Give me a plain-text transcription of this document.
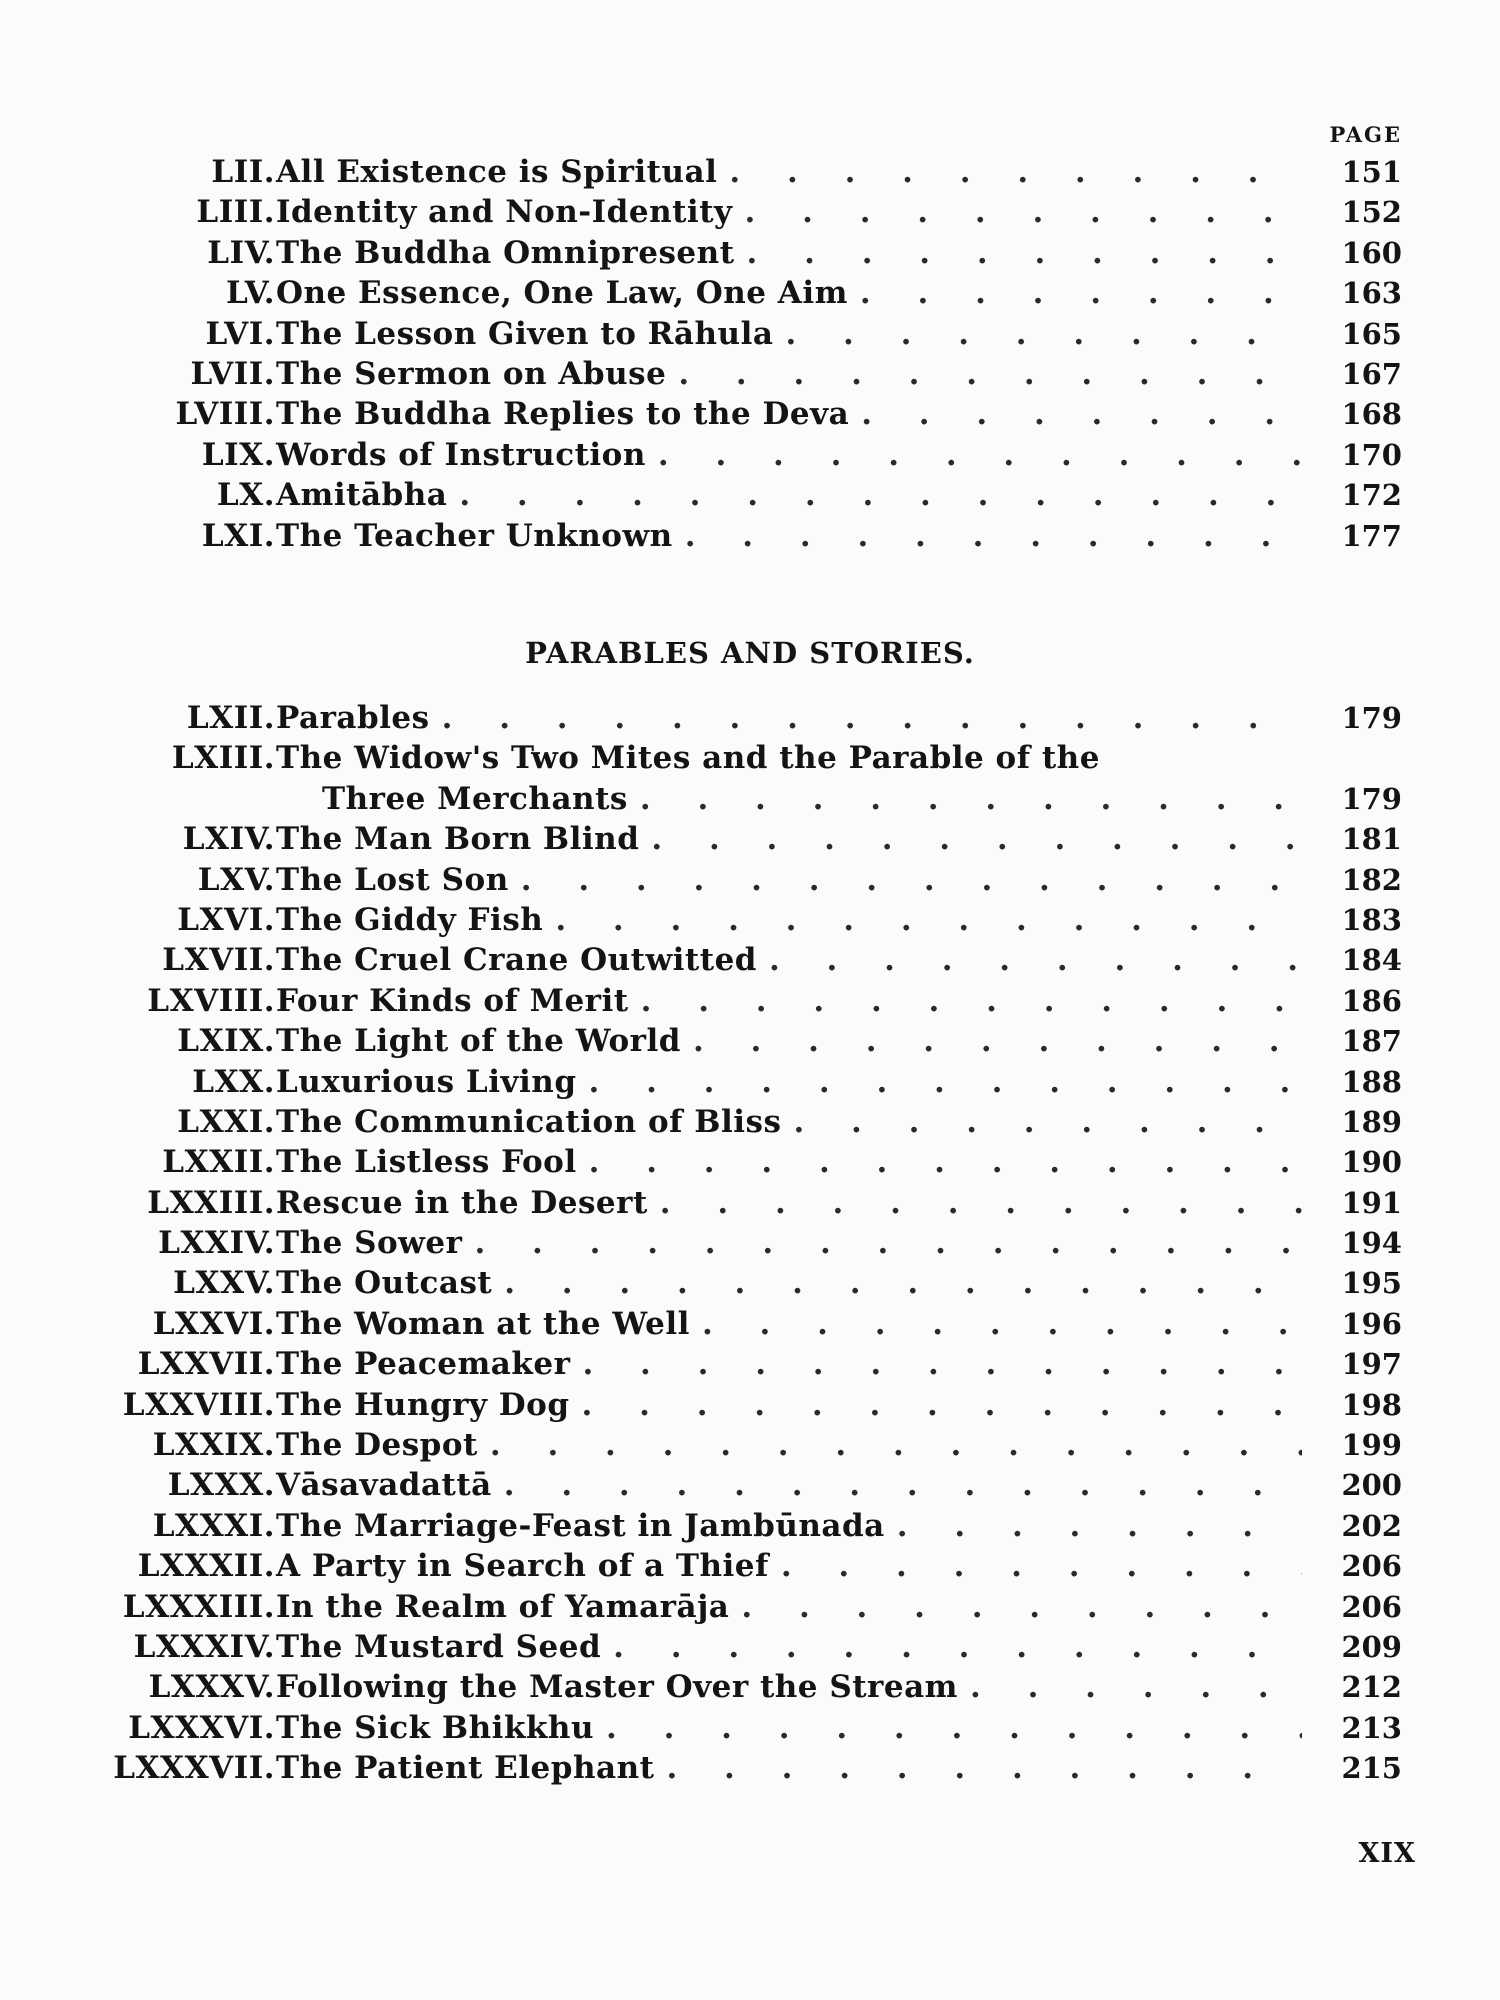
PAGE
LII. All Existence is Spiritual . . .	151
LIII. Identity and Non-Identity . . .	152
LIV. The Buddha Omnipresent . . .	160
LV. One Essence, One Law, One Aim . . .	163
LVI. The Lesson Given to Rāhula . . .	165
LVII. The Sermon on Abuse . . .	167
LVIII. The Buddha Replies to the Deva . . .	168
LIX. Words of Instruction . . .	170
LX. Amitābha . . .	172
LXI. The Teacher Unknown . . .	177
PARABLES AND STORIES.
LXII. Parables . . .	179
LXIII. The Widow's Two Mites and the Parable of the
Three Merchants . . .	179
LXIV. The Man Born Blind . . .	181
LXV. The Lost Son . . .	182
LXVI. The Giddy Fish . . .	183
LXVII. The Cruel Crane Outwitted . . .	184
LXVIII. Four Kinds of Merit . . .	186
LXIX. The Light of the World . . .	187
LXX. Luxurious Living . . .	188
LXXI. The Communication of Bliss . . .	189
LXXII. The Listless Fool . . .	190
LXXIII. Rescue in the Desert . . .	191
LXXIV. The Sower . . .	194
LXXV. The Outcast . . .	195
LXXVI. The Woman at the Well . . .	196
LXXVII. The Peacemaker . . .	197
LXXVIII. The Hungry Dog . . .	198
LXXIX. The Despot . . .	199
LXXX. Vāsavadattā . . .	200
LXXXI. The Marriage-Feast in Jambūnada . . .	202
LXXXII. A Party in Search of a Thief . . .	206
LXXXIII. In the Realm of Yamarāja . . .	206
LXXXIV. The Mustard Seed . . .	209
LXXXV. Following the Master Over the Stream . . .	212
LXXXVI. The Sick Bhikkhu . . .	213
LXXXVII. The Patient Elephant . . .	215
XIX
